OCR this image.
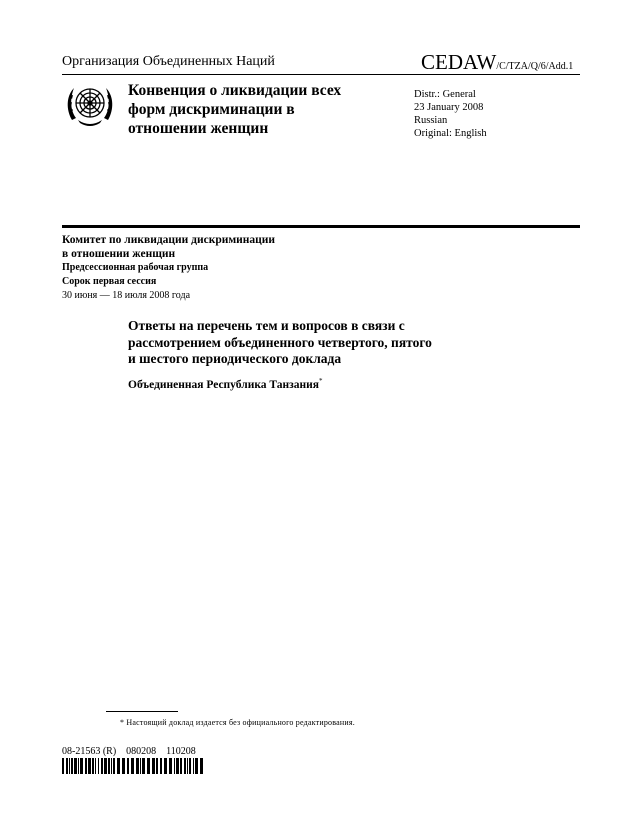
Организация Объединенных Наций	CEDAW/C/TZA/Q/6/Add.1
Конвенция о ликвидации всех
форм дискриминации в
отношении женщин
Distr.: General
23 January 2008
Russian
Original: English
Комитет по ликвидации дискриминации
в отношении женщин
Предсессионная рабочая группа
Сорок первая сессия
30 июня — 18 июля 2008 года
Ответы на перечень тем и вопросов в связи с
рассмотрением объединенного четвертого, пятого
и шестого периодического доклада
Объединенная Республика Танзания*
* Настоящий доклад издается без официального редактирования.
08-21563 (R)    080208    110208
